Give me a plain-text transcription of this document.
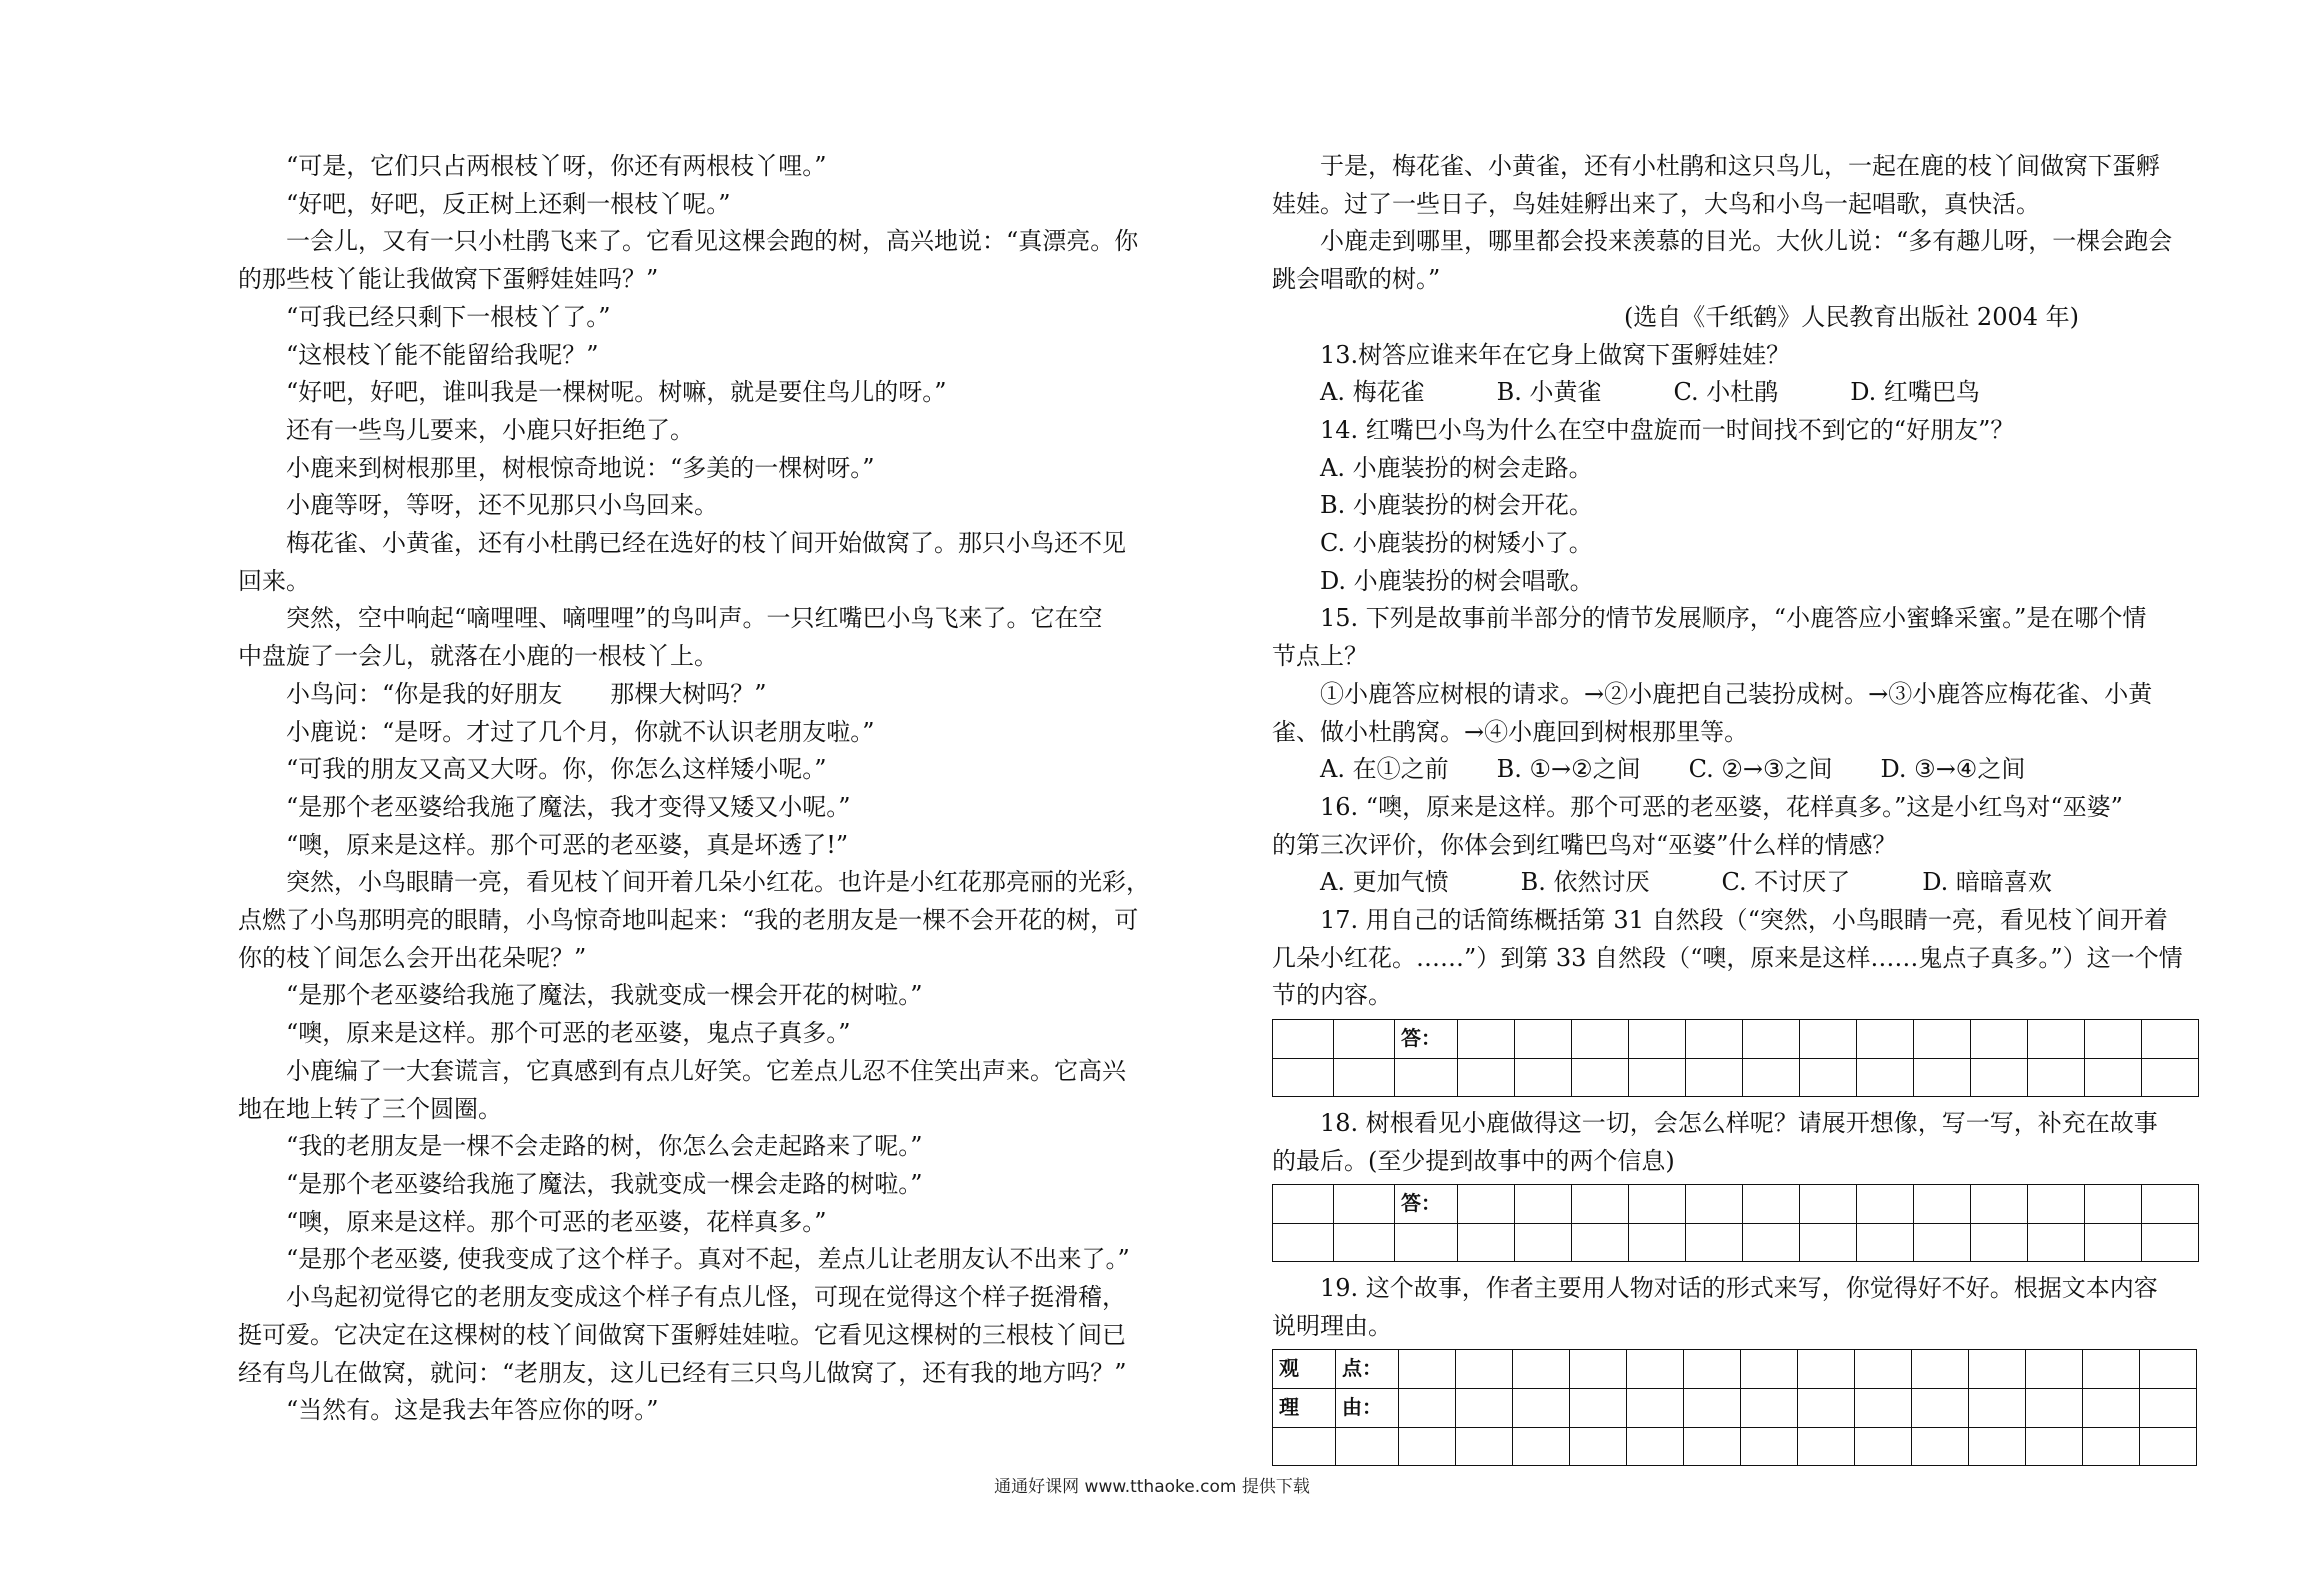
“可是，它们只占两根枝丫呀，你还有两根枝丫哩。”

“好吧，好吧，反正树上还剩一根枝丫呢。”

一会儿，又有一只小杜鹃飞来了。它看见这棵会跑的树，高兴地说：“真漂亮。你

的那些枝丫能让我做窝下蛋孵娃娃吗？”

“可我已经只剩下一根枝丫了。”

“这根枝丫能不能留给我呢？”

“好吧，好吧，谁叫我是一棵树呢。树嘛，就是要住鸟儿的呀。”

还有一些鸟儿要来，小鹿只好拒绝了。

小鹿来到树根那里，树根惊奇地说：“多美的一棵树呀。”

小鹿等呀，等呀，还不见那只小鸟回来。

梅花雀、小黄雀，还有小杜鹃已经在选好的枝丫间开始做窝了。那只小鸟还不见

回来。

突然，空中响起“嘀哩哩、嘀哩哩”的鸟叫声。一只红嘴巴小鸟飞来了。它在空

中盘旋了一会儿，就落在小鹿的一根枝丫上。

小鸟问：“你是我的好朋友　　那棵大树吗？”

小鹿说：“是呀。才过了几个月，你就不认识老朋友啦。”

“可我的朋友又高又大呀。你，你怎么这样矮小呢。”

“是那个老巫婆给我施了魔法，我才变得又矮又小呢。”

“噢，原来是这样。那个可恶的老巫婆，真是坏透了!”

突然，小鸟眼睛一亮，看见枝丫间开着几朵小红花。也许是小红花那亮丽的光彩，

点燃了小鸟那明亮的眼睛，小鸟惊奇地叫起来：“我的老朋友是一棵不会开花的树，可

你的枝丫间怎么会开出花朵呢？”

“是那个老巫婆给我施了魔法，我就变成一棵会开花的树啦。”

“噢，原来是这样。那个可恶的老巫婆，鬼点子真多。”

小鹿编了一大套谎言，它真感到有点儿好笑。它差点儿忍不住笑出声来。它高兴

地在地上转了三个圆圈。

“我的老朋友是一棵不会走路的树，你怎么会走起路来了呢。”

“是那个老巫婆给我施了魔法，我就变成一棵会走路的树啦。”

“噢，原来是这样。那个可恶的老巫婆，花样真多。”

“是那个老巫婆, 使我变成了这个样子。真对不起，差点儿让老朋友认不出来了。”

小鸟起初觉得它的老朋友变成这个样子有点儿怪，可现在觉得这个样子挺滑稽，

挺可爱。它决定在这棵树的枝丫间做窝下蛋孵娃娃啦。它看见这棵树的三根枝丫间已

经有鸟儿在做窝，就问：“老朋友，这儿已经有三只鸟儿做窝了，还有我的地方吗？”

“当然有。这是我去年答应你的呀。”

于是，梅花雀、小黄雀，还有小杜鹃和这只鸟儿，一起在鹿的枝丫间做窝下蛋孵

娃娃。过了一些日子，鸟娃娃孵出来了，大鸟和小鸟一起唱歌，真快活。

小鹿走到哪里，哪里都会投来羡慕的目光。大伙儿说：“多有趣儿呀，一棵会跑会

跳会唱歌的树。”

(选自《千纸鹤》人民教育出版社 2004 年)

13.树答应谁来年在它身上做窝下蛋孵娃娃？

A. 梅花雀　　　B. 小黄雀　　　C. 小杜鹃　　　D. 红嘴巴鸟

14. 红嘴巴小鸟为什么在空中盘旋而一时间找不到它的“好朋友”？

A. 小鹿装扮的树会走路。

B. 小鹿装扮的树会开花。

C. 小鹿装扮的树矮小了。

D. 小鹿装扮的树会唱歌。

15. 下列是故事前半部分的情节发展顺序，“小鹿答应小蜜蜂采蜜。”是在哪个情

节点上？

①小鹿答应树根的请求。→②小鹿把自己装扮成树。→③小鹿答应梅花雀、小黄

雀、做小杜鹃窝。→④小鹿回到树根那里等。

A. 在①之前　　B. ①→②之间　　C. ②→③之间　　D. ③→④之间

16. “噢，原来是这样。那个可恶的老巫婆，花样真多。”这是小红鸟对“巫婆”

的第三次评价，你体会到红嘴巴鸟对“巫婆”什么样的情感？

A. 更加气愤　　　B. 依然讨厌　　　C. 不讨厌了　　　D. 暗暗喜欢

17. 用自己的话简练概括第 31 自然段（“突然，小鸟眼睛一亮，看见枝丫间开着

几朵小红花。……”）到第 33 自然段（“噢，原来是这样……鬼点子真多。”）这一个情

节的内容。

		答：													

18. 树根看见小鹿做得这一切，会怎么样呢？请展开想像，写一写，补充在故事

的最后。(至少提到故事中的两个信息)

		答：													

19. 这个故事，作者主要用人物对话的形式来写，你觉得好不好。根据文本内容

说明理由。

观	点：														
理	由：														

通通好课网 www.tthaoke.com 提供下载
